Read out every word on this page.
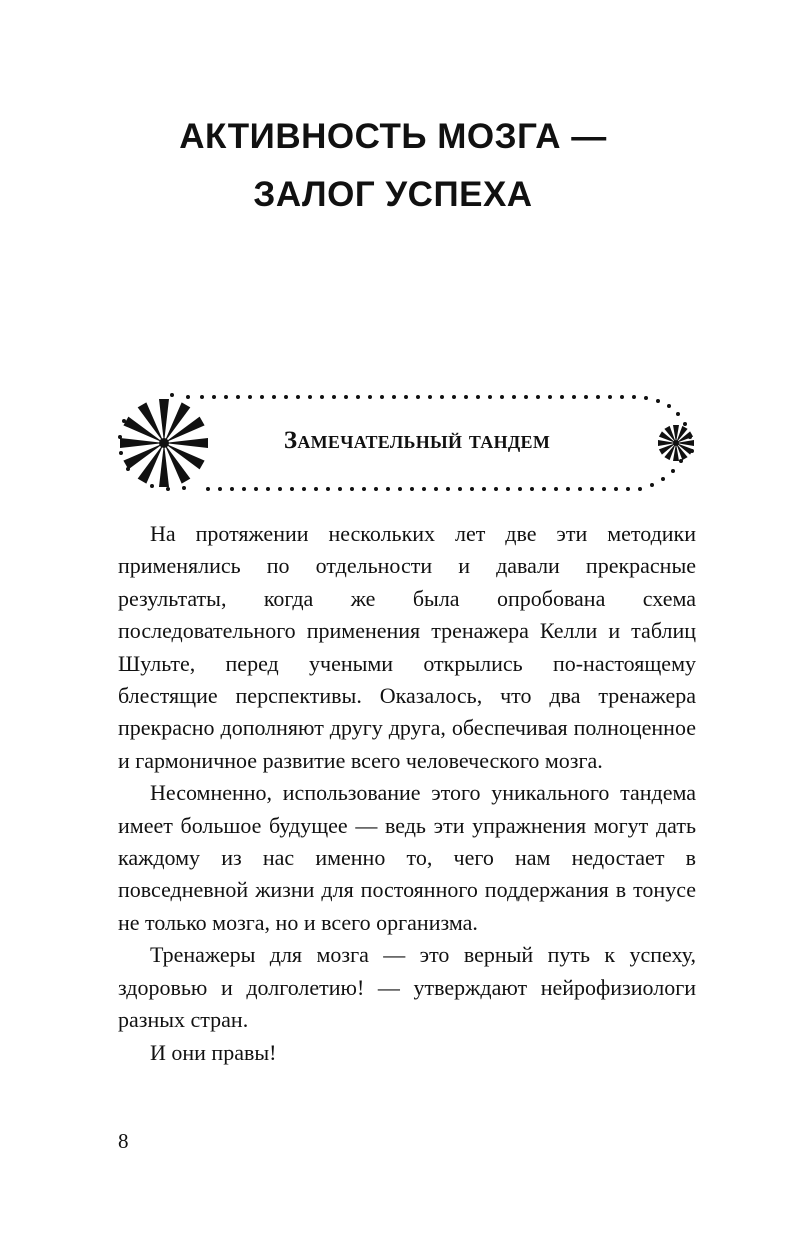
АКТИВНОСТЬ МОЗГА —
ЗАЛОГ УСПЕХА
Замечательный тандем

На протяжении нескольких лет две эти методики применялись по отдельности и давали прекрасные результаты, когда же была опробована схема последовательного применения тренажера Келли и таблиц Шульте, перед учеными открылись по-настоящему блестящие перспективы. Оказалось, что два тренажера прекрасно дополняют другу друга, обеспечивая полноценное и гармоничное развитие всего человеческого мозга.

Несомненно, использование этого уникального тандема имеет большое будущее — ведь эти упражнения могут дать каждому из нас именно то, чего нам недостает в повседневной жизни для постоянного поддержания в тонусе не только мозга, но и всего организма.

Тренажеры для мозга — это верный путь к успеху, здоровью и долголетию! — утверждают нейрофизиологи разных стран.

И они правы!

8
